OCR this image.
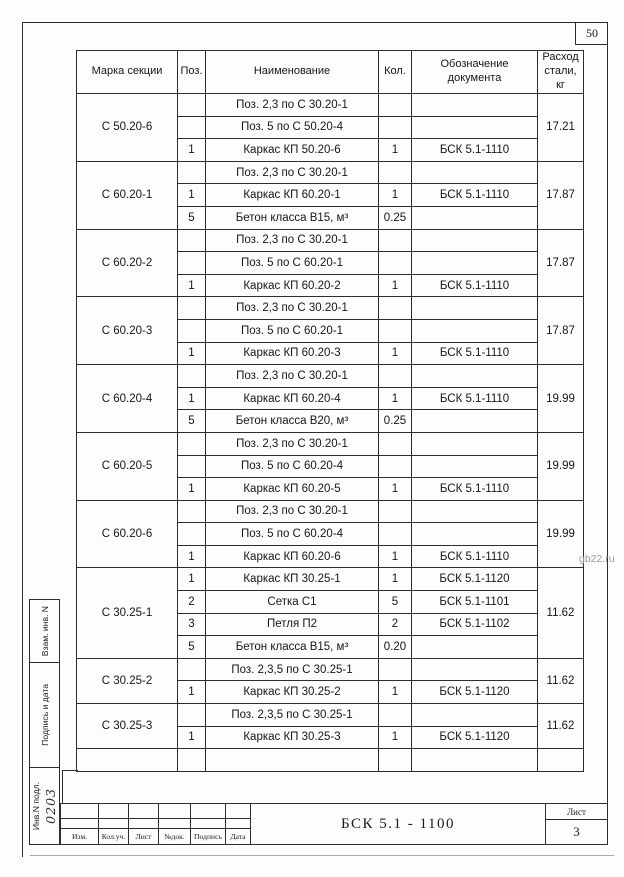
50
Марка секции	Поз.	Наименование	Кол.	Обозначение документа	Расход стали, кг
С 50.20-6		Поз. 2,3 по С 30.20-1			17.21
		Поз. 5 по С 50.20-4			
	1	Каркас КП 50.20-6	1	БСК 5.1-1110	
С 60.20-1		Поз. 2,3 по С 30.20-1			17.87
	1	Каркас КП 60.20-1	1	БСК 5.1-1110	
	5	Бетон класса В15, м³	0.25		
С 60.20-2		Поз. 2,3 по С 30.20-1			17.87
		Поз. 5 по С 60.20-1			
	1	Каркас КП 60.20-2	1	БСК 5.1-1110	
С 60.20-3		Поз. 2,3 по С 30.20-1			17.87
		Поз. 5 по С 60.20-1			
	1	Каркас КП 60.20-3	1	БСК 5.1-1110	
С 60.20-4		Поз. 2,3 по С 30.20-1			19.99
	1	Каркас КП 60.20-4	1	БСК 5.1-1110	
	5	Бетон класса В20, м³	0.25		
С 60.20-5		Поз. 2,3 по С 30.20-1			19.99
		Поз. 5 по С 60.20-4			
	1	Каркас КП 60.20-5	1	БСК 5.1-1110	
С 60.20-6		Поз. 2,3 по С 30.20-1			19.99
		Поз. 5 по С 60.20-4			
	1	Каркас КП 60.20-6	1	БСК 5.1-1110	
С 30.25-1	1	Каркас КП 30.25-1	1	БСК 5.1-1120	11.62
	2	Сетка С1	5	БСК 5.1-1101	
	3	Петля П2	2	БСК 5.1-1102	
	5	Бетон класса В15, м³	0.20		
С 30.25-2		Поз. 2,3,5 по С 30.25-1			11.62
	1	Каркас КП 30.25-2	1	БСК 5.1-1120	
С 30.25-3		Поз. 2,3,5 по С 30.25-1			11.62
	1	Каркас КП 30.25-3	1	БСК 5.1-1120	

Взам. инв. N
Подпись и дата
Инв.N подл. 0203
Изм.	Кол.уч.	Лист	№док.	Подпись	Дата
БСК 5.1 - 1100
Лист
3
gb22.ru
